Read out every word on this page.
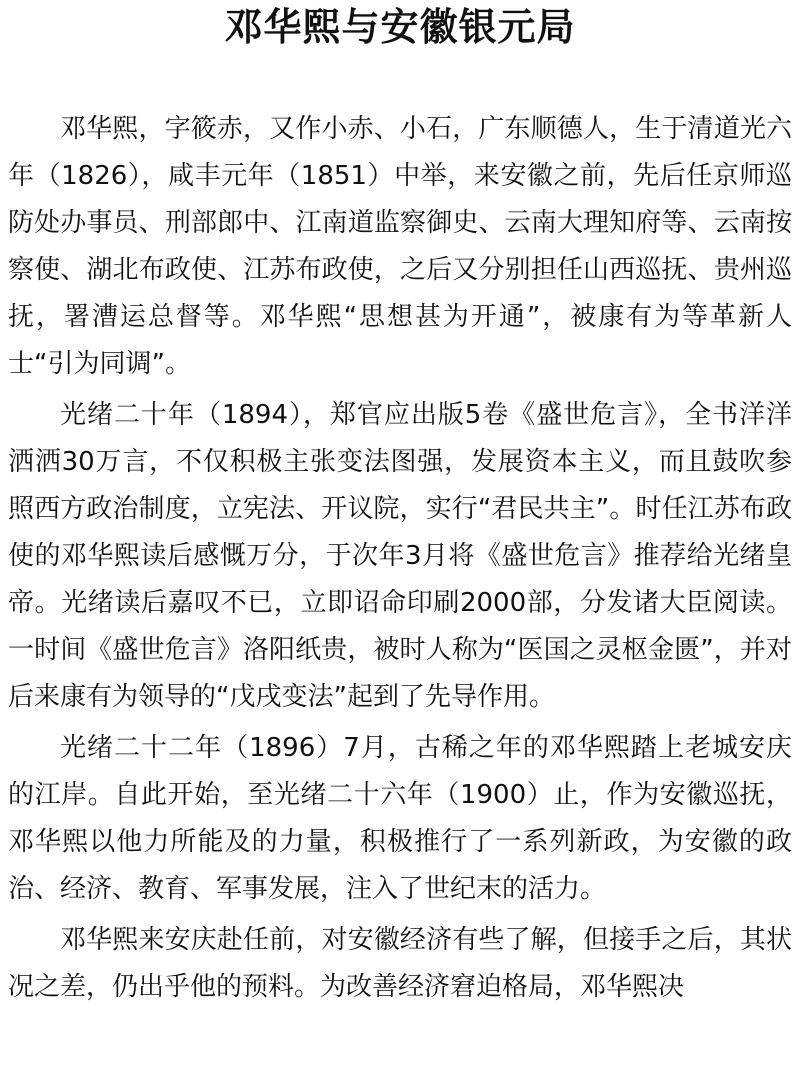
邓华熙与安徽银元局

邓华熙，字筱赤，又作小赤、小石，广东顺德人，生于清道光六年（1826），咸丰元年（1851）中举，来安徽之前，先后任京师巡防处办事员、刑部郎中、江南道监察御史、云南大理知府等、云南按察使、湖北布政使、江苏布政使，之后又分别担任山西巡抚、贵州巡抚，署漕运总督等。邓华熙“思想甚为开通”，被康有为等革新人士“引为同调”。

光绪二十年（1894），郑官应出版5卷《盛世危言》，全书洋洋洒洒30万言，不仅积极主张变法图强，发展资本主义，而且鼓吹参照西方政治制度，立宪法、开议院，实行“君民共主”。时任江苏布政使的邓华熙读后感慨万分，于次年3月将《盛世危言》推荐给光绪皇帝。光绪读后嘉叹不已，立即诏命印刷2000部，分发诸大臣阅读。一时间《盛世危言》洛阳纸贵，被时人称为“医国之灵枢金匮”，并对后来康有为领导的“戊戌变法”起到了先导作用。

光绪二十二年（1896）7月，古稀之年的邓华熙踏上老城安庆的江岸。自此开始，至光绪二十六年（1900）止，作为安徽巡抚，邓华熙以他力所能及的力量，积极推行了一系列新政，为安徽的政治、经济、教育、军事发展，注入了世纪末的活力。

邓华熙来安庆赴任前，对安徽经济有些了解，但接手之后，其状况之差，仍出乎他的预料。为改善经济窘迫格局，邓华熙决
